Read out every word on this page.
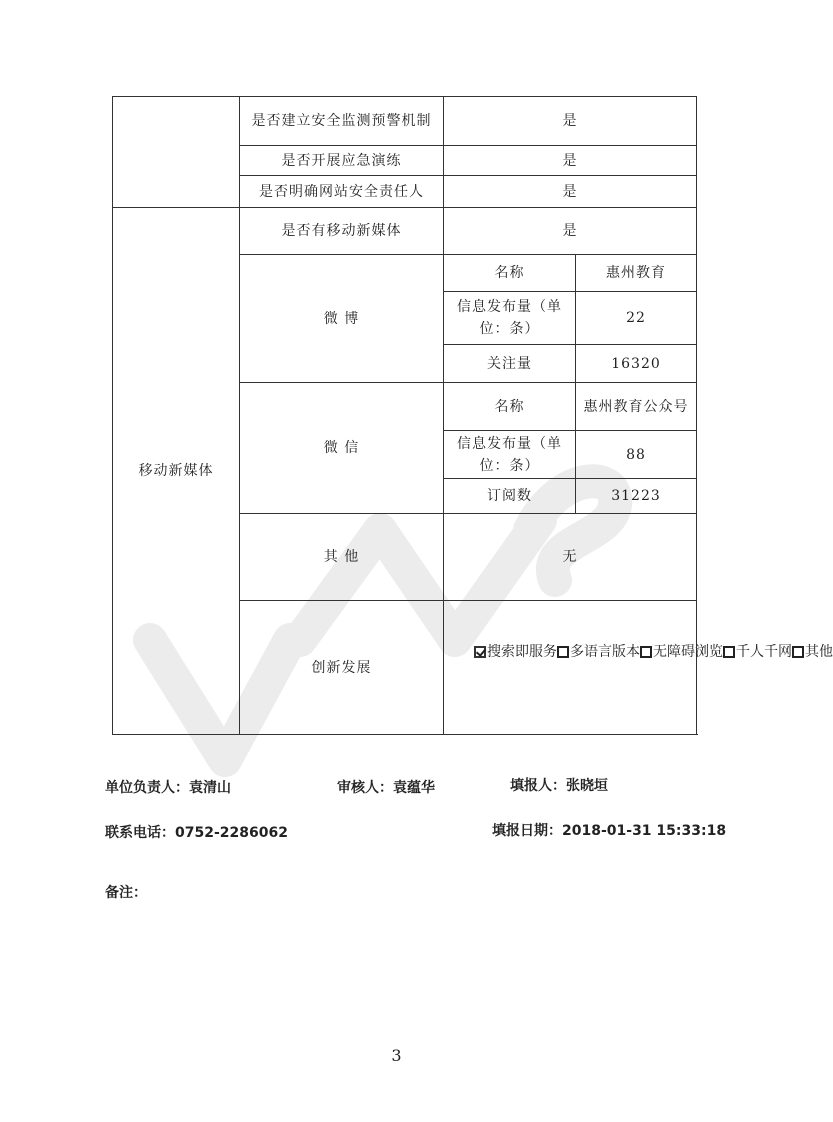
	是否建立安全监测预警机制	是	
	是否开展应急演练	是	
	是否明确网站安全责任人	是	
移动新媒体	是否有移动新媒体	是	
	微 博	名称	惠州教育
		信息发布量（单位：条）	22
		关注量	16320
	微 信	名称	惠州教育公众号
		信息发布量（单位：条）	88
		订阅数	31223
	其 他	无	
	创新发展	搜索即服务 多语言版本 无障碍浏览 千人千网 其他	
单位负责人：袁清山	审核人：袁蕴华	填报人：张晓垣
联系电话：0752-2286062	填报日期：2018-01-31 15:33:18
备注：
3
